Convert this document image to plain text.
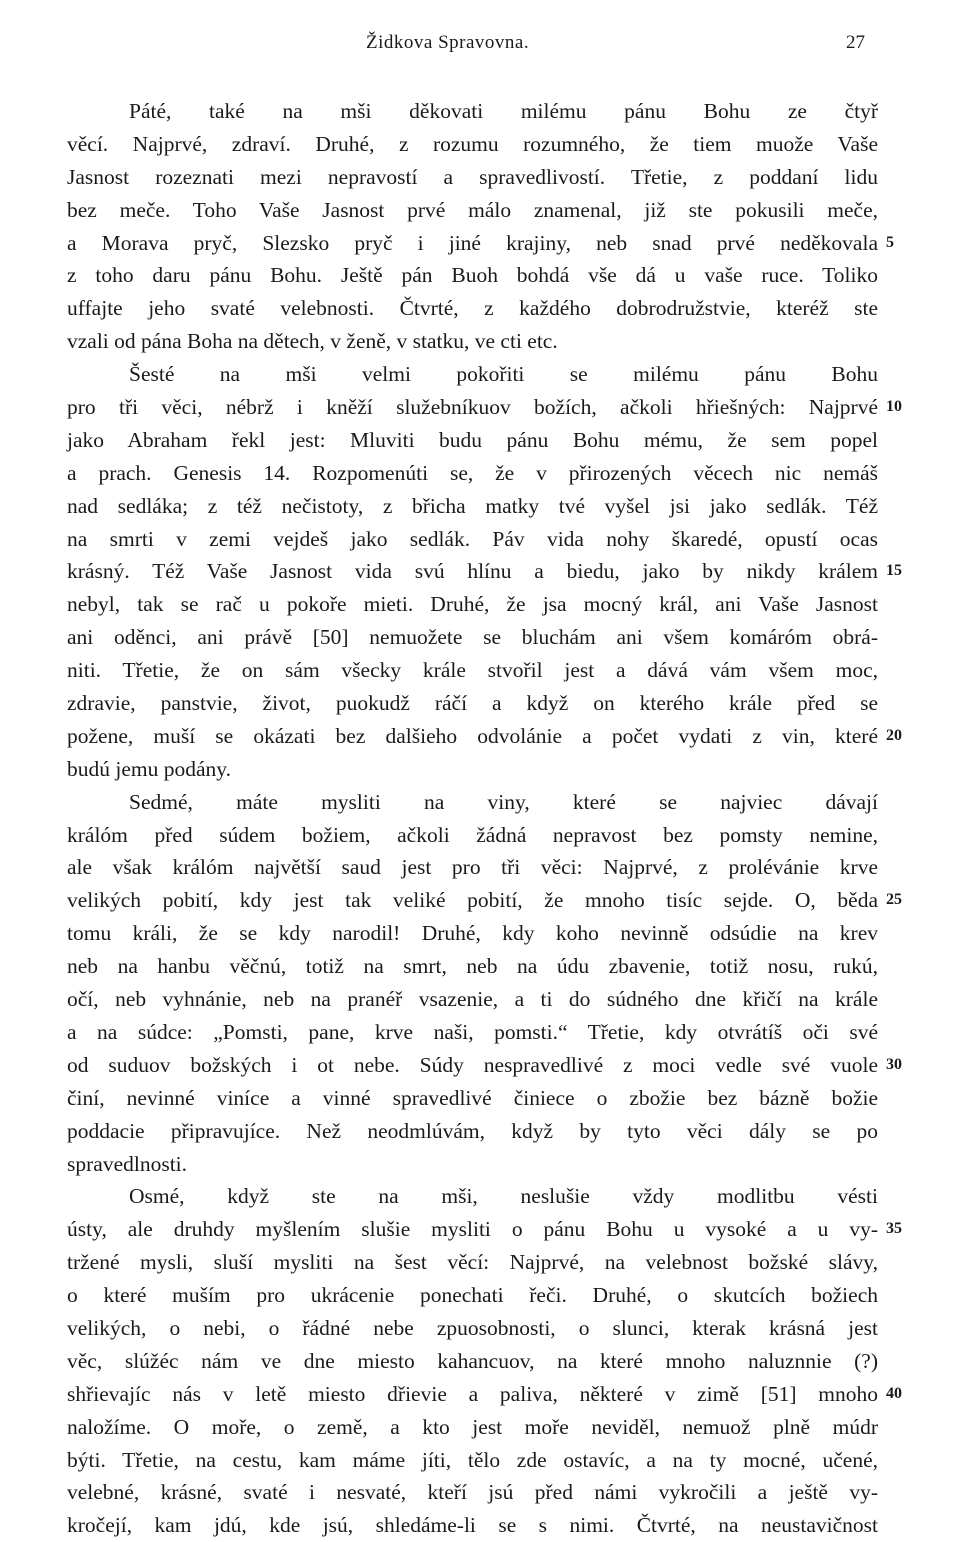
Židkova Spravovna.	27
Páté, také na mši děkovati milému pánu Bohu ze čtyř
věcí. Najprvé, zdraví. Druhé, z rozumu rozumného, že tiem muože Vaše
Jasnost rozeznati mezi nepravostí a spravedlivostí. Třetie, z poddaní lidu
bez meče. Toho Vaše Jasnost prvé málo znamenal, již ste pokusili meče,
a Morava pryč, Slezsko pryč i jiné krajiny, neb snad prvé neděkovala 5
z toho daru pánu Bohu. Ještě pán Buoh bohdá vše dá u vaše ruce. Toliko
uffajte jeho svaté velebnosti. Čtvrté, z každého dobrodružstvie, kteréž ste
vzali od pána Boha na dětech, v ženě, v statku, ve cti etc.
Šesté na mši velmi pokořiti se milému pánu Bohu
pro tři věci, nébrž i kněží služebníkuov božích, ačkoli hřiešných: Najprvé 10
jako Abraham řekl jest: Mluviti budu pánu Bohu mému, že sem popel
a prach. Genesis 14. Rozpomenúti se, že v přirozených věcech nic nemáš
nad sedláka; z též nečistoty, z břicha matky tvé vyšel jsi jako sedlák. Též
na smrti v zemi vejdeš jako sedlák. Páv vida nohy škaredé, opustí ocas
krásný. Též Vaše Jasnost vida svú hlínu a biedu, jako by nikdy králem 15
nebyl, tak se rač u pokoře mieti. Druhé, že jsa mocný král, ani Vaše Jasnost
ani oděnci, ani právě [50] nemuožete se bluchám ani všem komáróm obrá-
niti. Třetie, že on sám všecky krále stvořil jest a dává vám všem moc,
zdravie, panstvie, život, puokudž ráčí a když on kterého krále před se
požene, muší se okázati bez dalšieho odvolánie a počet vydati z vin, které 20
budú jemu podány.
Sedmé, máte mysliti na viny, které se najviec dávají
králóm před súdem božiem, ačkoli žádná nepravost bez pomsty nemine,
ale však králóm najvětší saud jest pro tři věci: Najprvé, z prolévánie krve
velikých pobití, kdy jest tak veliké pobití, že mnoho tisíc sejde. O, běda 25
tomu králi, že se kdy narodil! Druhé, kdy koho nevinně odsúdie na krev
neb na hanbu věčnú, totiž na smrt, neb na údu zbavenie, totiž nosu, rukú,
očí, neb vyhnánie, neb na pranéř vsazenie, a ti do súdného dne křičí na krále
a na súdce: „Pomsti, pane, krve naši, pomsti.“ Třetie, kdy otvrátíš oči své
od suduov božských i ot nebe. Súdy nespravedlivé z moci vedle své vuole 30
činí, nevinné viníce a vinné spravedlivé činiece o zbožie bez bázně božie
poddacie připravujíce. Než neodmlúvám, když by tyto věci dály se po
spravedlnosti.
Osmé, když ste na mši, neslušie vždy modlitbu vésti
ústy, ale druhdy myšlením slušie mysliti o pánu Bohu u vysoké a u vy- 35
tržené mysli, sluší mysliti na šest věcí: Najprvé, na velebnost božské slávy,
o které muším pro ukrácenie ponechati řeči. Druhé, o skutcích božiech
velikých, o nebi, o řádné nebe zpuosobnosti, o slunci, kterak krásná jest
věc, slúžéc nám ve dne miesto kahancuov, na které mnoho naluznnie (?)
shřievajíc nás v letě miesto dřievie a paliva, některé v zimě [51] mnoho 40
naložíme. O moře, o země, a kto jest moře neviděl, nemuož plně múdr
býti. Třetie, na cestu, kam máme jíti, tělo zde ostavíc, a na ty mocné, učené,
velebné, krásné, svaté i nesvaté, kteří jsú před námi vykročili a ještě vy-
kročejí, kam jdú, kde jsú, shledáme-li se s nimi. Čtvrté, na neustavičnost
